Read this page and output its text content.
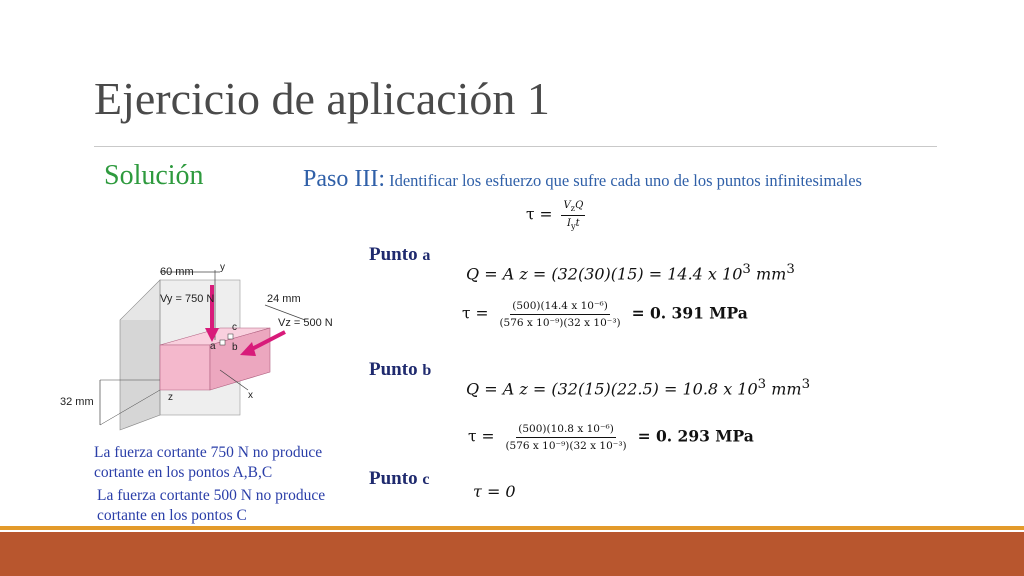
Ejercicio de aplicación 1
Solución	Paso III: Identificar los esfuerzo que sufre cada uno de los puntos infinitesimales
$\tau = \frac{V_zQ}{I_yt}$
Punto a
Q = A z = (32(30)(15) = 14.4 x $10^3$ $mm^3$
$\tau = \frac{\text{(500)(14.4 x 10⁻⁶)}}{\text{(576 x 10⁻⁹)(32 x 10⁻³)}} = 0$. 391 MPa
Punto b
Q = A z = (32(15)(22.5) = 10.8 x $10^3$ $mm^3$
$\tau = \frac{\text{(500)(10.8 x 10⁻⁶)}}{\text{(576 x 10⁻⁹)(32 x 10⁻³)}} = 0$. 293 MPa
Punto c
τ = 0
La fuerza cortante 750 N no produce cortante en los pontos A,B,C
La fuerza cortante 500 N no produce cortante en los pontos C
60 mm	y
Vy = 750 N	24 mm
Vz = 500 N
c
a b
z	x
32 mm
